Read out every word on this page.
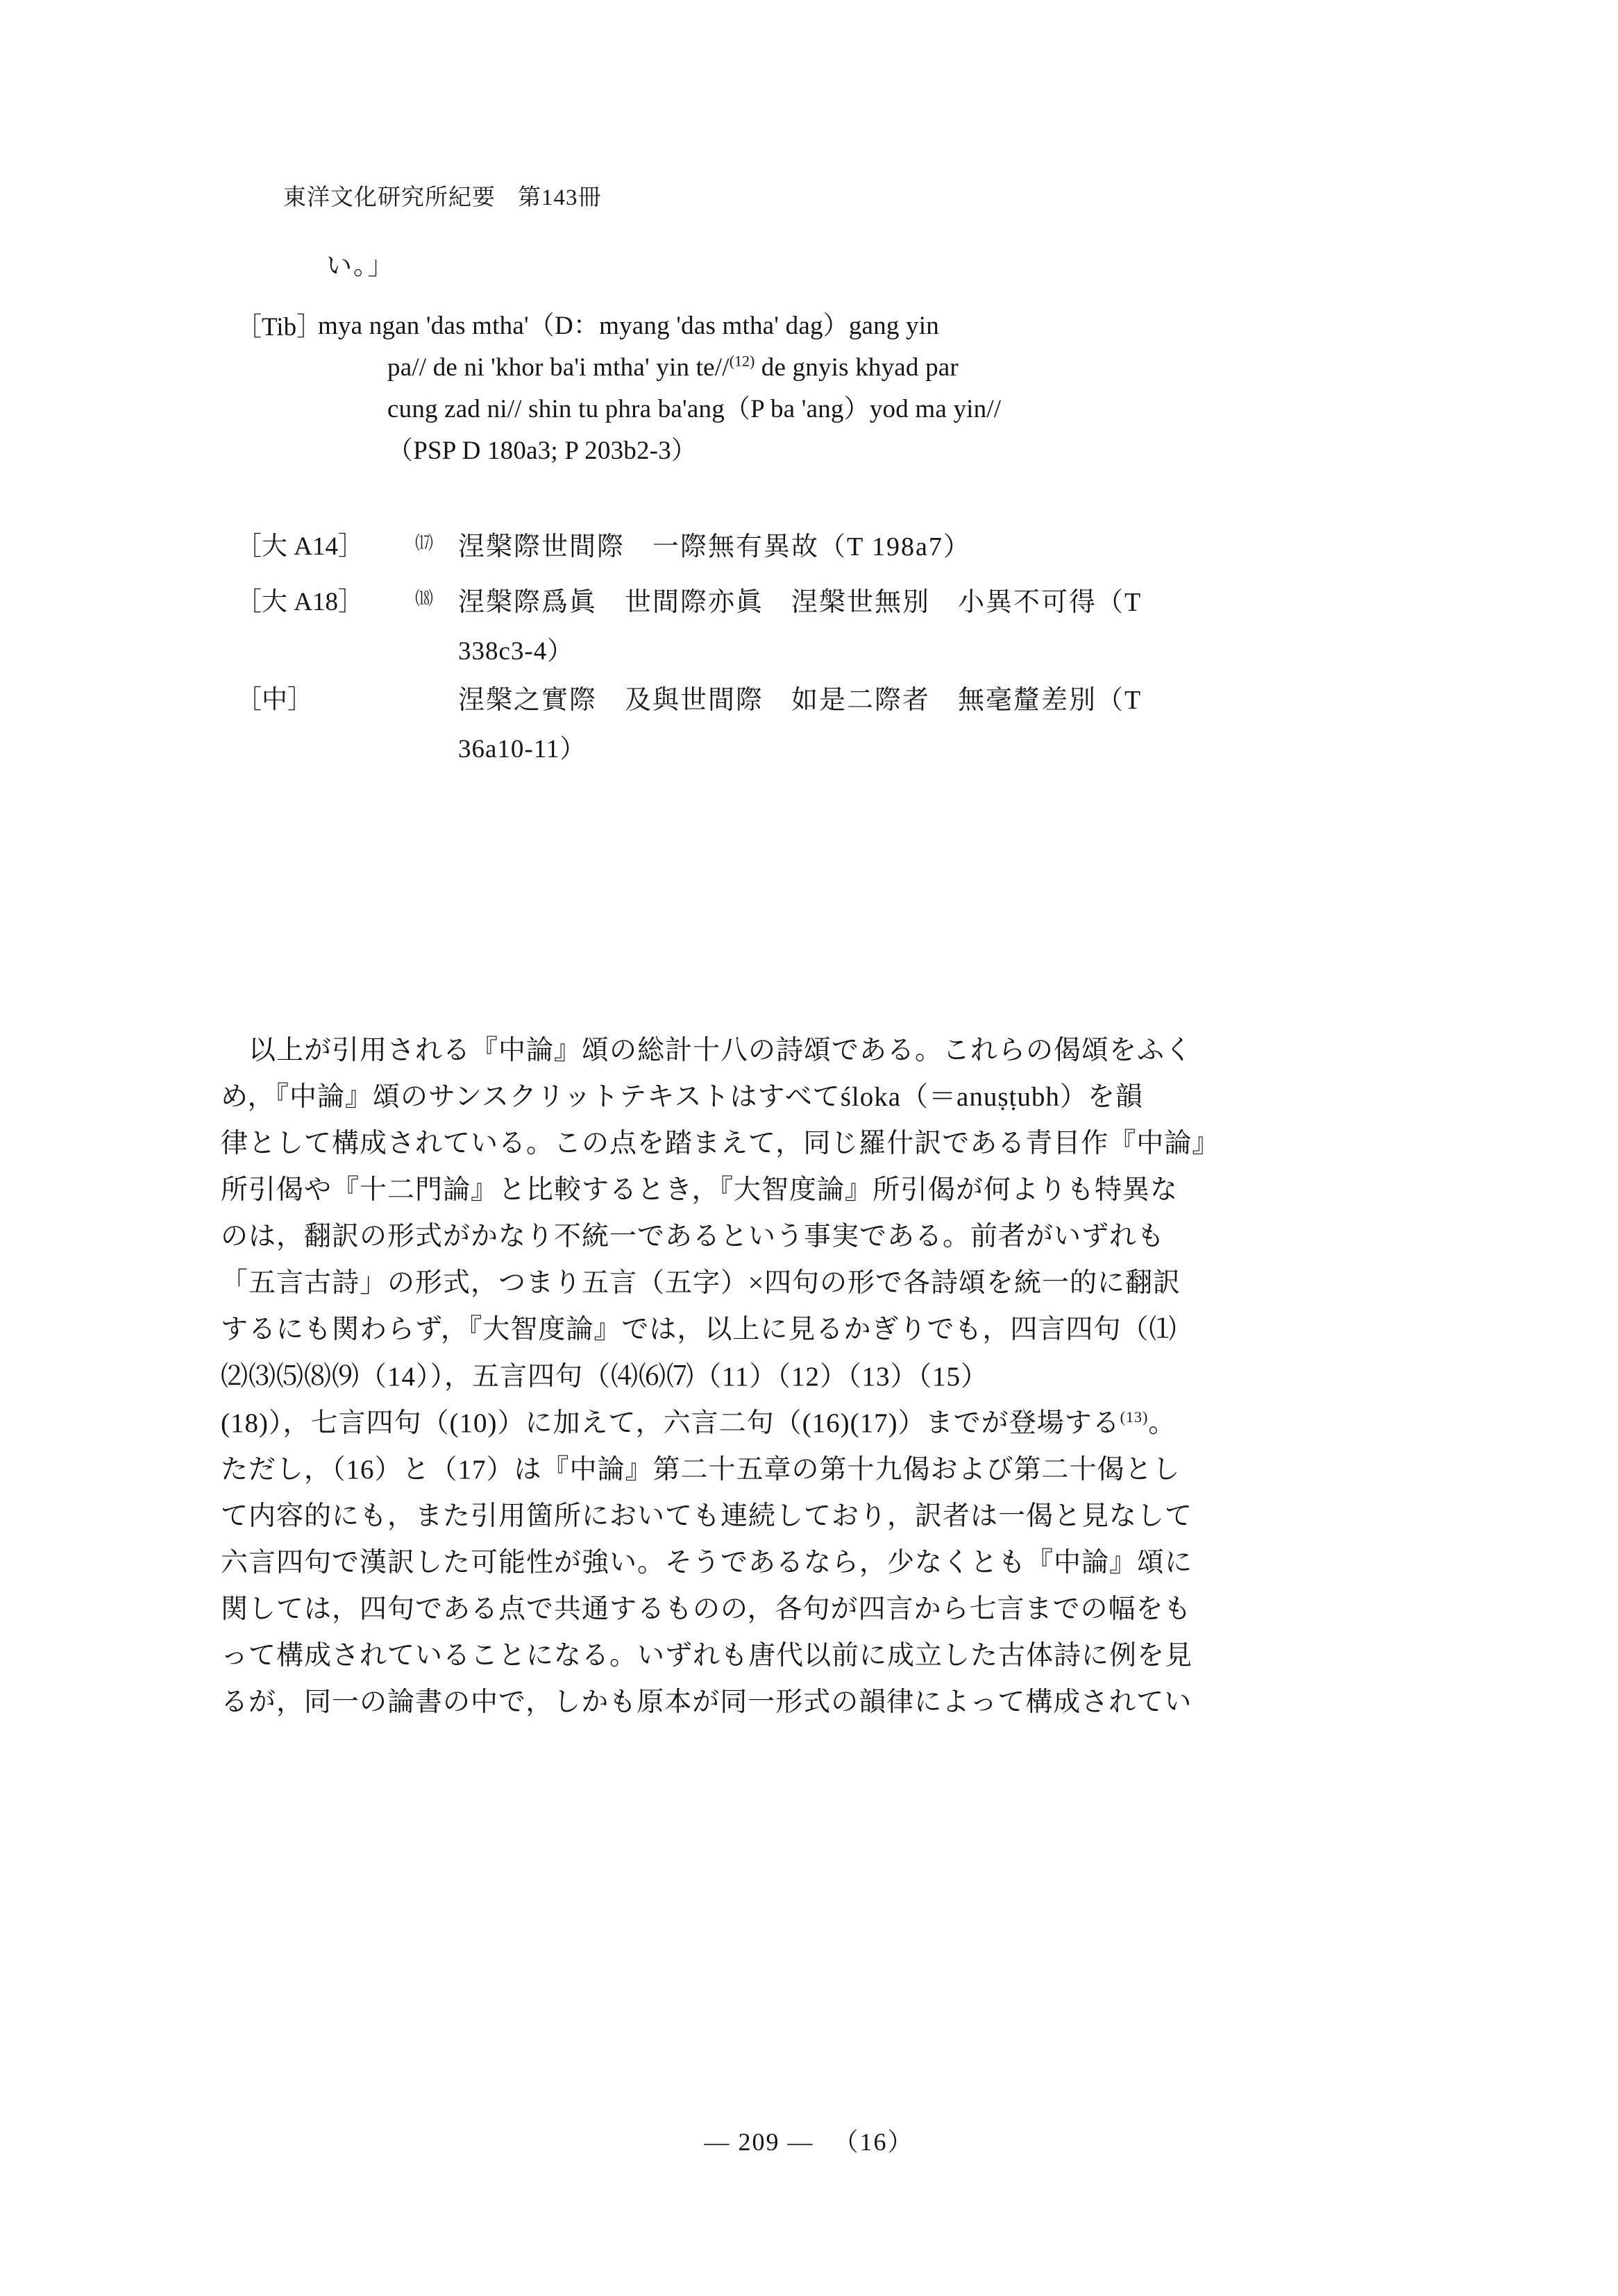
東洋文化研究所紀要 第143冊
い。」
［Tib］
mya ngan 'das mtha'（D：myang 'das mtha' dag）gang yin
pa// de ni 'khor ba'i mtha' yin te//$^{(12)}$ de gnyis khyad par
cung zad ni// shin tu phra ba'ang（P ba 'ang）yod ma yin//
（PSP D 180a3; P 203b2-3）
［大 A14］	⒄ 涅槃際世間際　一際無有異故（T 198a7）
［大 A18］	⒅ 涅槃際爲眞　世間際亦眞　涅槃世無別　小異不可得（T
338c3-4）
［中］	涅槃之實際　及與世間際　如是二際者　無毫釐差別（T
36a10-11）
以上が引用される『中論』頌の総計十八の詩頌である。これらの偈頌をふく
め，『中論』頌のサンスクリットテキストはすべてśloka（＝anuṣṭubh）を韻
律として構成されている。この点を踏まえて，同じ羅什訳である青目作『中論』
所引偈や『十二門論』と比較するとき，『大智度論』所引偈が何よりも特異な
のは，翻訳の形式がかなり不統一であるという事実である。前者がいずれも
「五言古詩」の形式，つまり五言（五字）×四句の形で各詩頌を統一的に翻訳
するにも関わらず，『大智度論』では，以上に見るかぎりでも，四言四句（⑴
⑵⑶⑸⑻⑼（14）），五言四句（⑷⑹⑺（11）（12）（13）（15）
(18)），七言四句（(10)）に加えて，六言二句（(16)(17)）までが登場する$^{(13)}$。
ただし，（16）と（17）は『中論』第二十五章の第十九偈および第二十偈とし
て内容的にも，また引用箇所においても連続しており，訳者は一偈と見なして
六言四句で漢訳した可能性が強い。そうであるなら，少なくとも『中論』頌に
関しては，四句である点で共通するものの，各句が四言から七言までの幅をも
って構成されていることになる。いずれも唐代以前に成立した古体詩に例を見
るが，同一の論書の中で，しかも原本が同一形式の韻律によって構成されてい
— 209 — （16）
